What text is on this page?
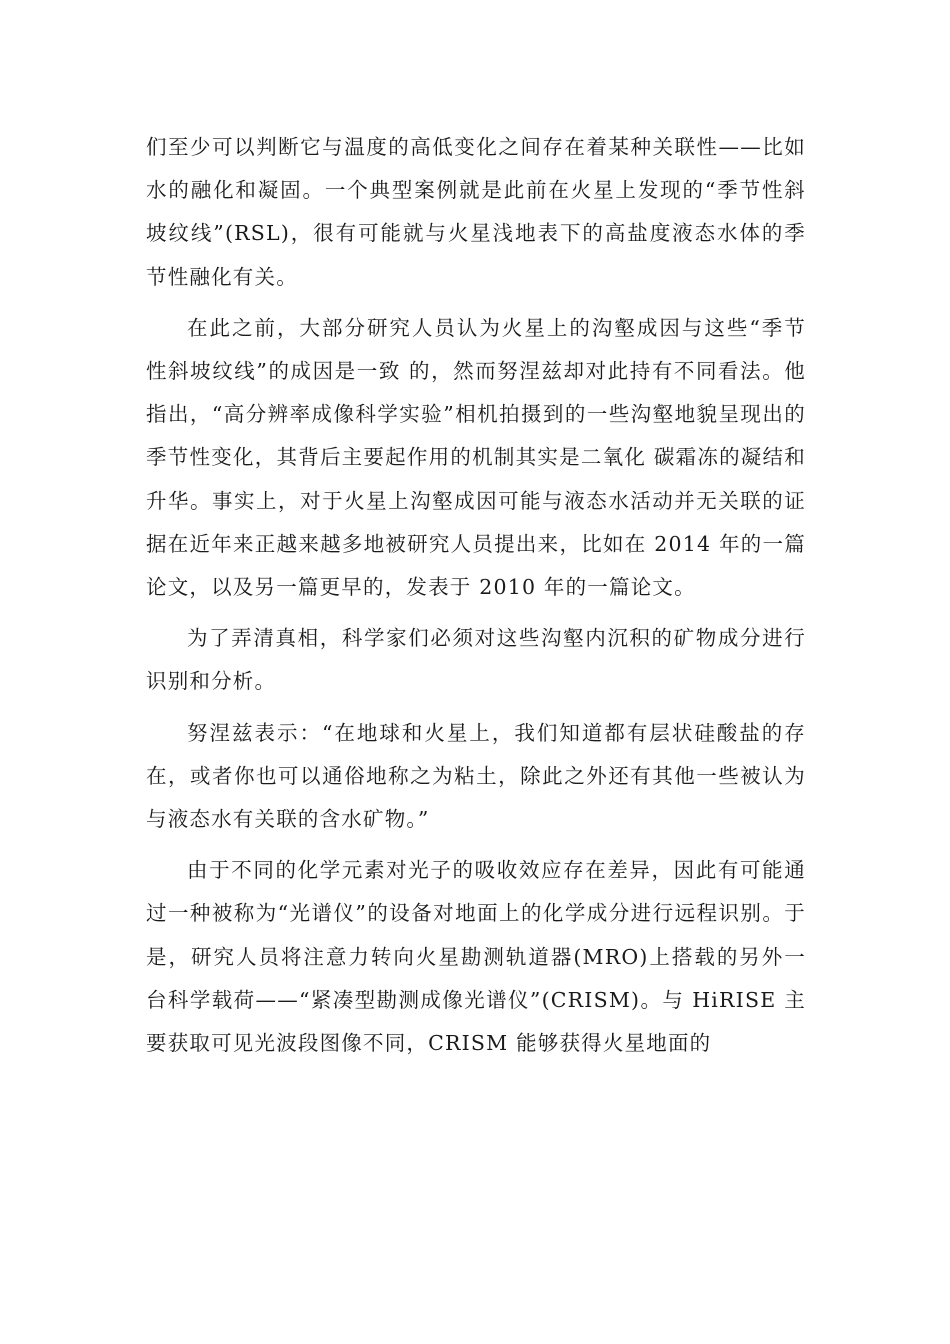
们至少可以判断它与温度的高低变化之间存在着某种关联性——比如水的融化和凝固。一个典型案例就是此前在火星上发现的“季节性斜坡纹线”(RSL)，很有可能就与火星浅地表下的高盐度液态水体的季节性融化有关。

在此之前，大部分研究人员认为火星上的沟壑成因与这些“季节性斜坡纹线”的成因是一致 的，然而努涅兹却对此持有不同看法。他指出，“高分辨率成像科学实验”相机拍摄到的一些沟壑地貌呈现出的季节性变化，其背后主要起作用的机制其实是二氧化 碳霜冻的凝结和升华。事实上，对于火星上沟壑成因可能与液态水活动并无关联的证据在近年来正越来越多地被研究人员提出来，比如在 2014 年的一篇论文，以及另一篇更早的，发表于 2010 年的一篇论文。

为了弄清真相，科学家们必须对这些沟壑内沉积的矿物成分进行识别和分析。

努涅兹表示：“在地球和火星上，我们知道都有层状硅酸盐的存在，或者你也可以通俗地称之为粘土，除此之外还有其他一些被认为与液态水有关联的含水矿物。”

由于不同的化学元素对光子的吸收效应存在差异，因此有可能通过一种被称为“光谱仪”的设备对地面上的化学成分进行远程识别。于是，研究人员将注意力转向火星勘测轨道器(MRO)上搭载的另外一台科学载荷——“紧凑型勘测成像光谱仪”(CRISM)。与 HiRISE 主要获取可见光波段图像不同，CRISM 能够获得火星地面的
